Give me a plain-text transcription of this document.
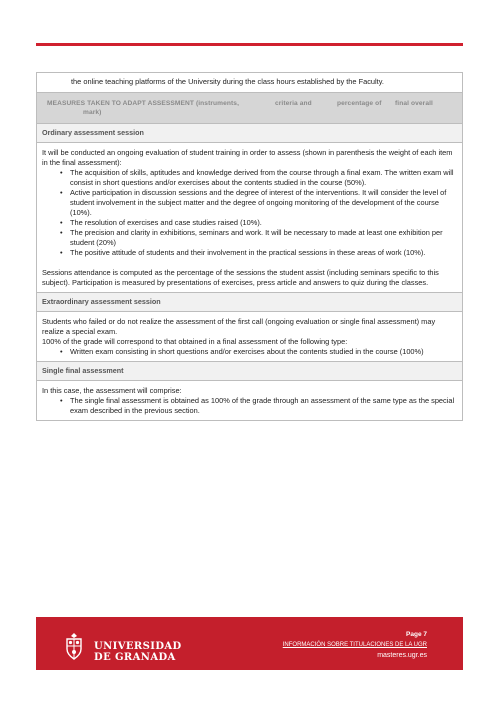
the online teaching platforms of the University during the class hours established by the Faculty.
MEASURES TAKEN TO ADAPT ASSESSMENT (instruments,
mark)criteria and	percentage of final overall
Ordinary assessment session

It will be conducted an ongoing evaluation of student training in order to assess (shown in parenthesis the weight of each item in the final assessment):

• The acquisition of skills, aptitudes and knowledge derived from the course through a final exam. The written exam will consist in short questions and/or exercises about the contents studied in the course (50%).
• Active participation in discussion sessions and the degree of interest of the interventions. It will consider the level of student involvement in the subject matter and the degree of ongoing monitoring of the development of the course (10%).
• The resolution of exercises and case studies raised (10%).
• The precision and clarity in exhibitions, seminars and work. It will be necessary to made at least one exhibition per student (20%)
• The positive attitude of students and their involvement in the practical sessions in these areas of work (10%).

Sessions attendance is computed as the percentage of the sessions the student assist (including seminars specific to this subject). Participation is measured by presentations of exercises, press article and answers to quiz during the classes.

Extraordinary assessment session

Students who failed or do not realize the assessment of the first call (ongoing evaluation or single final assessment) may realize a special exam.

100% of the grade will correspond to that obtained in a final assessment of the following type:

• Written exam consisting in short questions and/or exercises about the contents studied in the course (100%)
Single final assessment

In this case, the assessment will comprise:

• The single final assessment is obtained as 100% of the grade through an assessment of the same type as the special exam described in the previous section.
UNIVERSIDAD
DE GRANADA
Page 7
INFORMACIÓN SOBRE TITULACIONES DE LA UGR
masteres.ugr.es
